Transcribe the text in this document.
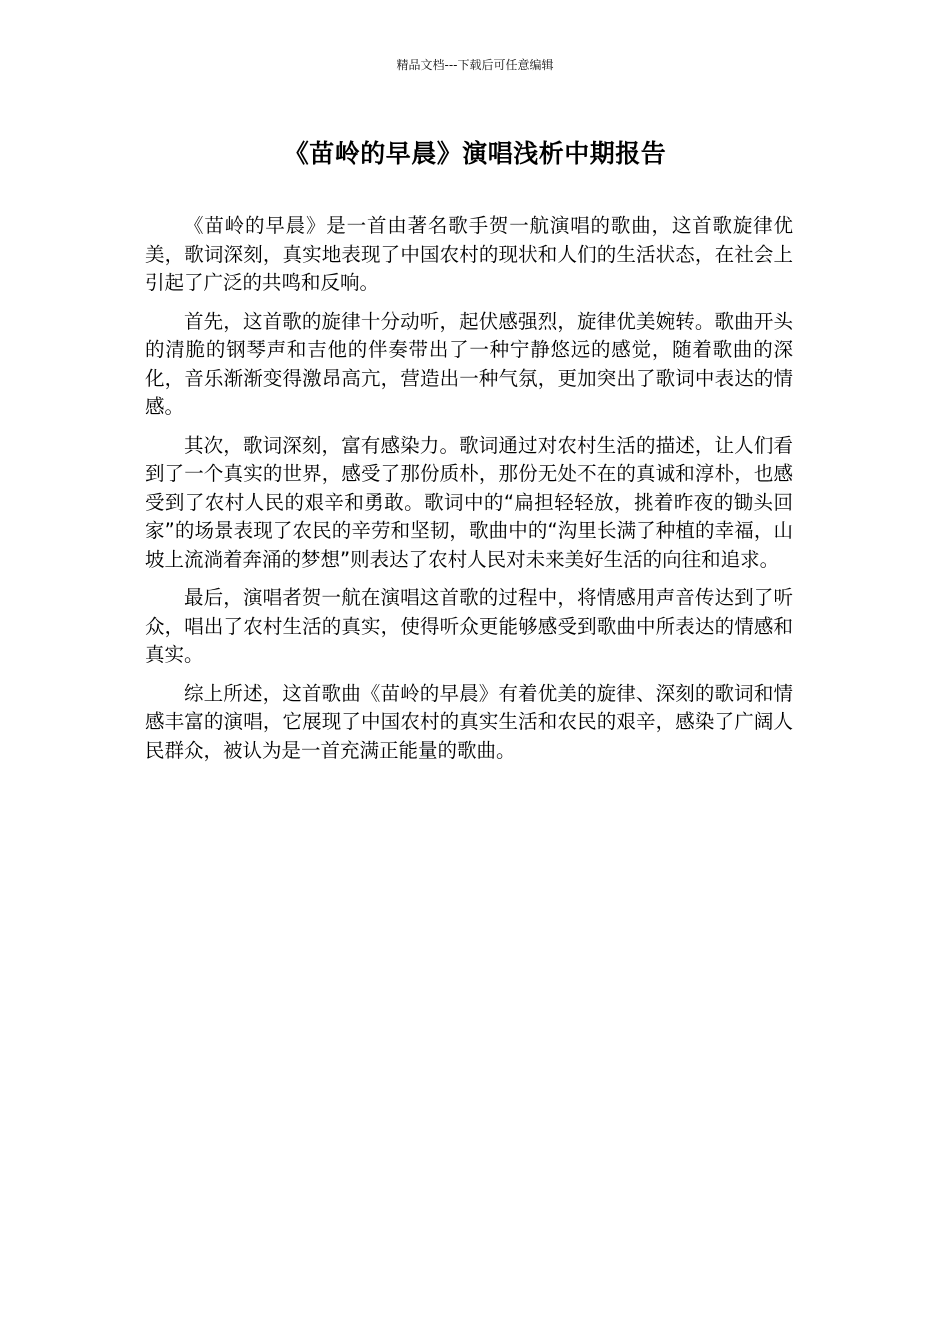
精品文档---下载后可任意编辑
《苗岭的早晨》演唱浅析中期报告

《苗岭的早晨》是一首由著名歌手贺一航演唱的歌曲，这首歌旋律优美，歌词深刻，真实地表现了中国农村的现状和人们的生活状态，在社会上引起了广泛的共鸣和反响。

首先，这首歌的旋律十分动听，起伏感强烈，旋律优美婉转。歌曲开头的清脆的钢琴声和吉他的伴奏带出了一种宁静悠远的感觉，随着歌曲的深化，音乐渐渐变得激昂高亢，营造出一种气氛，更加突出了歌词中表达的情感。

其次，歌词深刻，富有感染力。歌词通过对农村生活的描述，让人们看到了一个真实的世界，感受了那份质朴，那份无处不在的真诚和淳朴，也感受到了农村人民的艰辛和勇敢。歌词中的“扁担轻轻放，挑着昨夜的锄头回家”的场景表现了农民的辛劳和坚韧，歌曲中的“沟里长满了种植的幸福，山坡上流淌着奔涌的梦想”则表达了农村人民对未来美好生活的向往和追求。

最后，演唱者贺一航在演唱这首歌的过程中，将情感用声音传达到了听众，唱出了农村生活的真实，使得听众更能够感受到歌曲中所表达的情感和真实。

综上所述，这首歌曲《苗岭的早晨》有着优美的旋律、深刻的歌词和情感丰富的演唱，它展现了中国农村的真实生活和农民的艰辛，感染了广阔人民群众，被认为是一首充满正能量的歌曲。
